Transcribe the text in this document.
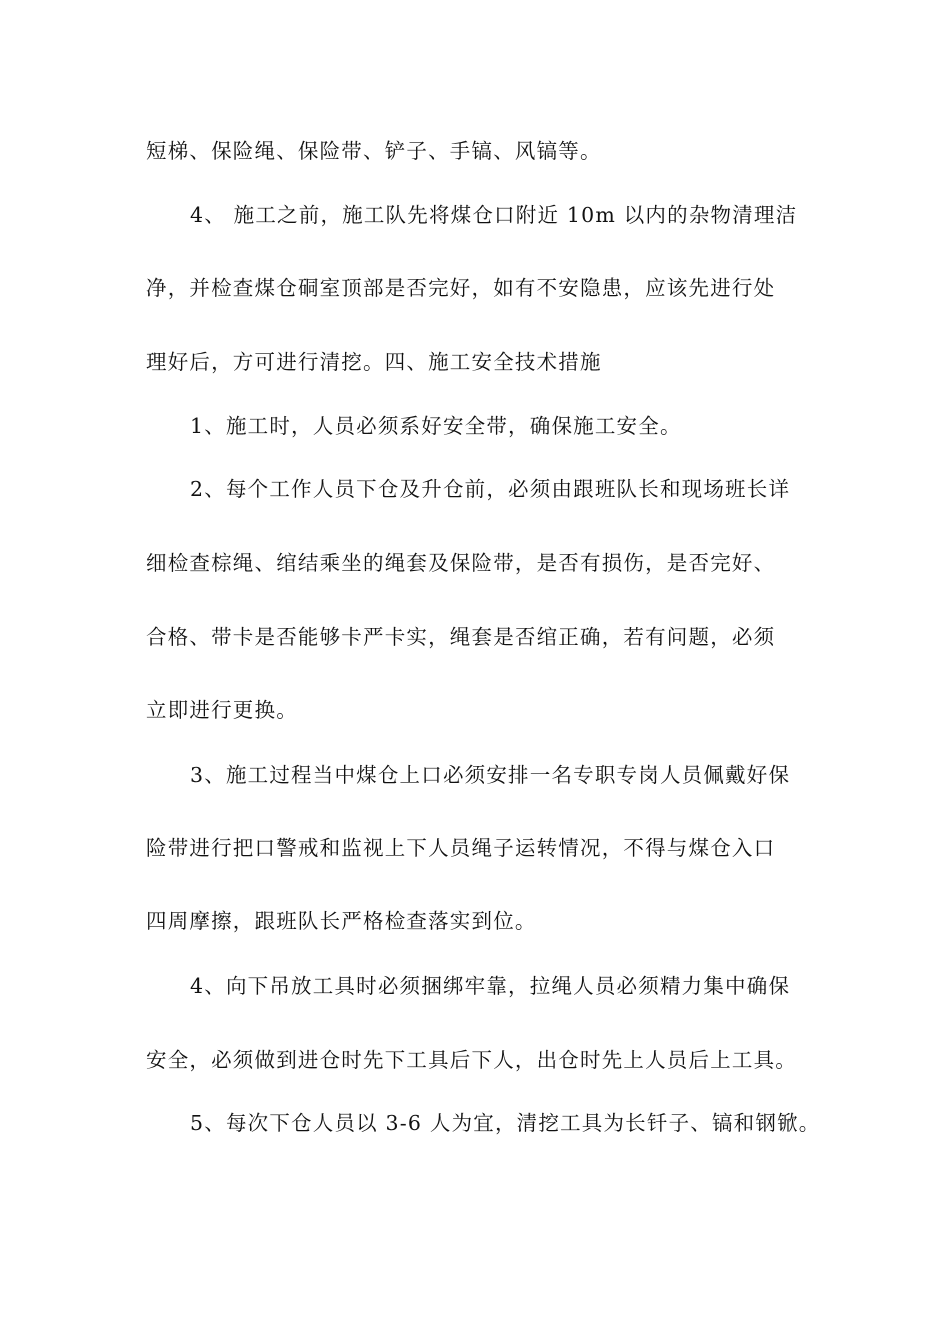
短梯、保险绳、保险带、铲子、手镐、风镐等。
4、 施工之前，施工队先将煤仓口附近 10m 以内的杂物清理洁
净，并检查煤仓硐室顶部是否完好，如有不安隐患，应该先进行处
理好后，方可进行清挖。四、施工安全技术措施
1、施工时，人员必须系好安全带，确保施工安全。
2、每个工作人员下仓及升仓前，必须由跟班队长和现场班长详
细检查棕绳、绾结乘坐的绳套及保险带，是否有损伤，是否完好、
合格、带卡是否能够卡严卡实，绳套是否绾正确，若有问题，必须
立即进行更换。
3、施工过程当中煤仓上口必须安排一名专职专岗人员佩戴好保
险带进行把口警戒和监视上下人员绳子运转情况，不得与煤仓入口
四周摩擦，跟班队长严格检查落实到位。
4、向下吊放工具时必须捆绑牢靠，拉绳人员必须精力集中确保
安全，必须做到进仓时先下工具后下人，出仓时先上人员后上工具。
5、每次下仓人员以 3-6 人为宜，清挖工具为长钎子、镐和钢锨。
